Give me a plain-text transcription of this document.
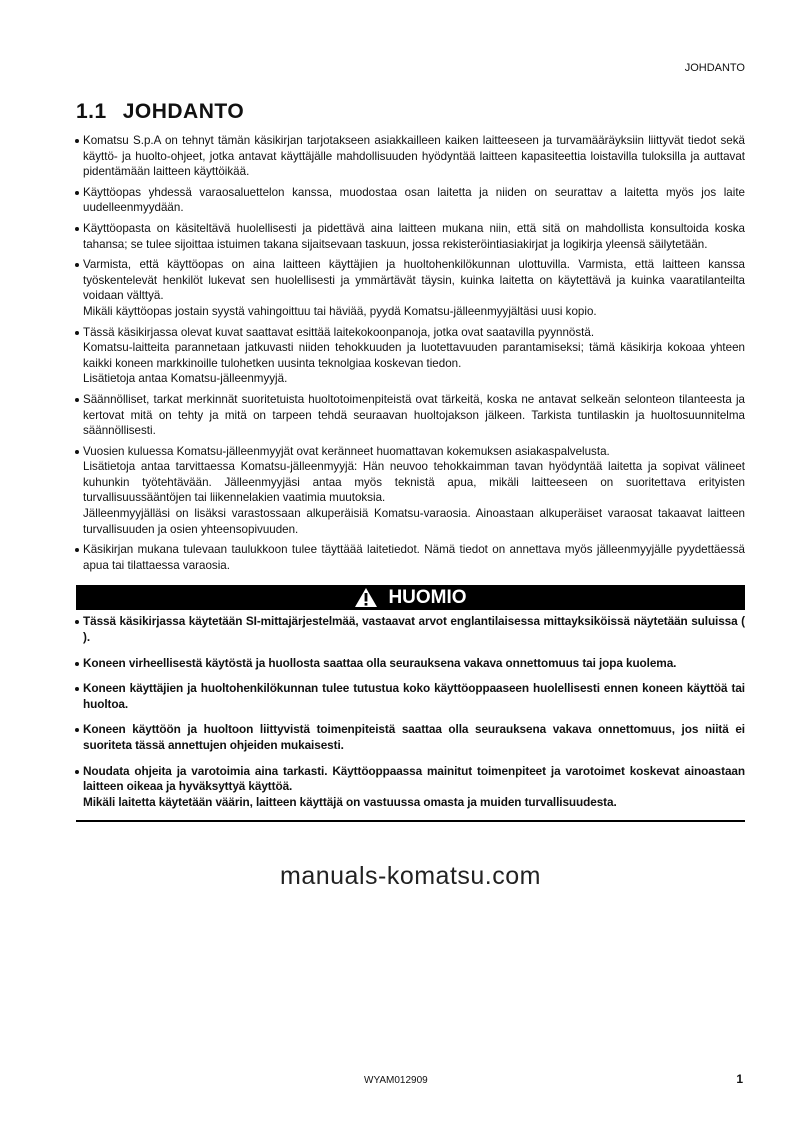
JOHDANTO
1.1 JOHDANTO

Komatsu S.p.A on tehnyt tämän käsikirjan tarjotakseen asiakkailleen kaiken laitteeseen ja turvamääräyksiin liittyvät tiedot sekä käyttö- ja huolto-ohjeet, jotka antavat käyttäjälle mahdollisuuden hyödyntää laitteen kapasiteettia loistavilla tuloksilla ja auttavat pidentämään laitteen käyttöikää.

Käyttöopas yhdessä varaosaluettelon kanssa, muodostaa osan laitetta ja niiden on seurattav a laitetta myös jos laite uudelleenmyydään.

Käyttöopasta on käsiteltävä huolellisesti ja pidettävä aina laitteen mukana niin, että sitä on mahdollista konsultoida koska tahansa; se tulee sijoittaa istuimen takana sijaitsevaan taskuun, jossa rekisteröintiasiakirjat ja logikirja yleensä säilytetään.

Varmista, että käyttöopas on aina laitteen käyttäjien ja huoltohenkilökunnan ulottuvilla. Varmista, että laitteen kanssa työskentelevät henkilöt lukevat sen huolellisesti ja ymmärtävät täysin, kuinka laitetta on käytettävä ja kuinka vaaratilanteilta voidaan välttyä.

Mikäli käyttöopas jostain syystä vahingoittuu tai häviää, pyydä Komatsu-jälleenmyyjältäsi uusi kopio.

Tässä käsikirjassa olevat kuvat saattavat esittää laitekokoonpanoja, jotka ovat saatavilla pyynnöstä.

Komatsu-laitteita parannetaan jatkuvasti niiden tehokkuuden ja luotettavuuden parantamiseksi; tämä käsikirja kokoaa yhteen kaikki koneen markkinoille tulohetken uusinta teknolgiaa koskevan tiedon.

Lisätietoja antaa Komatsu-jälleenmyyjä.

Säännölliset, tarkat merkinnät suoritetuista huoltotoimenpiteistä ovat tärkeitä, koska ne antavat selkeän selonteon tilanteesta ja kertovat mitä on tehty ja mitä on tarpeen tehdä seuraavan huoltojakson jälkeen. Tarkista tuntilaskin ja huoltosuunnitelma säännöllisesti.

Vuosien kuluessa Komatsu-jälleenmyyjät ovat keränneet huomattavan kokemuksen asiakaspalvelusta.

Lisätietoja antaa tarvittaessa Komatsu-jälleenmyyjä: Hän neuvoo tehokkaimman tavan hyödyntää laitetta ja sopivat välineet kuhunkin työtehtävään. Jälleenmyyjäsi antaa myös teknistä apua, mikäli laitteeseen on suoritettava erityisten turvallisuussääntöjen tai liikennelakien vaatimia muutoksia.

Jälleenmyyjälläsi on lisäksi varastossaan alkuperäisiä Komatsu-varaosia. Ainoastaan alkuperäiset varaosat takaavat laitteen turvallisuuden ja osien yhteensopivuuden.

Käsikirjan mukana tulevaan taulukkoon tulee täyttäää laitetiedot. Nämä tiedot on annettava myös jälleenmyyjälle pyydettäessä apua tai tilattaessa varaosia.

HUOMIO

Tässä käsikirjassa käytetään SI-mittajärjestelmää, vastaavat arvot englantilaisessa mittayksiköissä näytetään suluissa ( ).

Koneen virheellisestä käytöstä ja huollosta saattaa olla seurauksena vakava onnettomuus tai jopa kuolema.

Koneen käyttäjien ja huoltohenkilökunnan tulee tutustua koko käyttöoppaaseen huolellisesti ennen koneen käyttöä tai huoltoa.

Koneen käyttöön ja huoltoon liittyvistä toimenpiteistä saattaa olla seurauksena vakava onnettomuus, jos niitä ei suoriteta tässä annettujen ohjeiden mukaisesti.

Noudata ohjeita ja varotoimia aina tarkasti. Käyttöoppaassa mainitut toimenpiteet ja varotoimet koskevat ainoastaan laitteen oikeaa ja hyväksyttyä käyttöä.

Mikäli laitetta käytetään väärin, laitteen käyttäjä on vastuussa omasta ja muiden turvallisuudesta.

manuals-komatsu.com
WYAM012909	1
